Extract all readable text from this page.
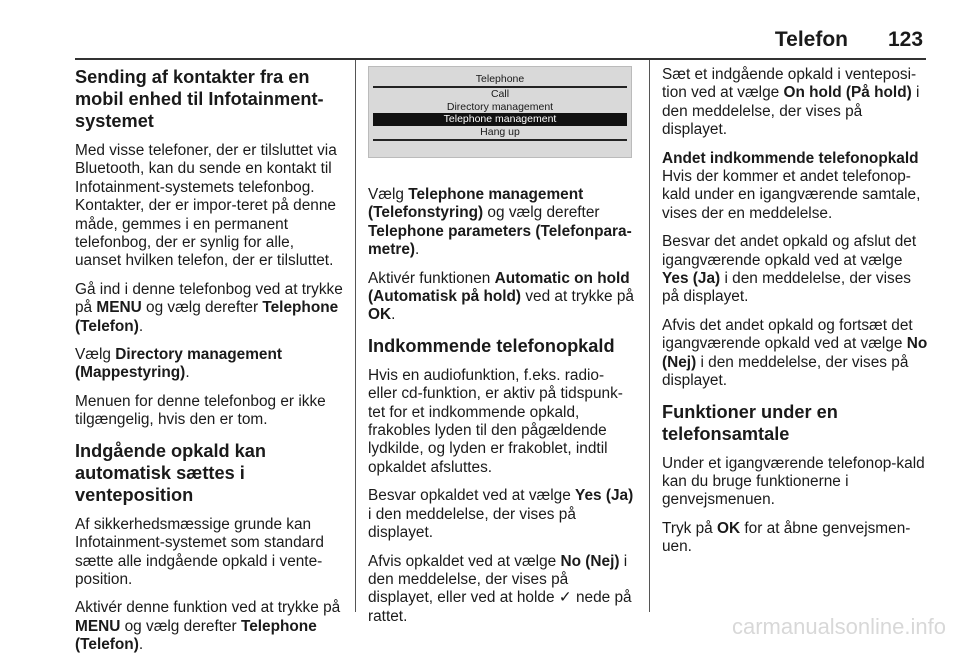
Telefon 123
Sending af kontakter fra en mobil enhed til Infotainment-systemet

Med visse telefoner, der er tilsluttet via Bluetooth, kan du sende en kontakt til Infotainment-systemets telefonbog. Kontakter, der er impor-teret på denne måde, gemmes i en permanent telefonbog, der er synlig for alle, uanset hvilken telefon, der er tilsluttet.

Gå ind i denne telefonbog ved at trykke på MENU og vælg derefter Telephone (Telefon).

Vælg Directory management (Mappestyring).

Menuen for denne telefonbog er ikke tilgængelig, hvis den er tom.

Indgående opkald kan automatisk sættes i venteposition

Af sikkerhedsmæssige grunde kan Infotainment-systemet som standard sætte alle indgående opkald i vente-position.

Aktivér denne funktion ved at trykke på MENU og vælg derefter Telephone (Telefon).

Telephone
Call
Directory management
Telephone management
Hang up

Vælg Telephone management (Telefonstyring) og vælg derefter Telephone parameters (Telefonpara-metre).

Aktivér funktionen Automatic on hold (Automatisk på hold) ved at trykke på OK.

Indkommende telefonopkald

Hvis en audiofunktion, f.eks. radio- eller cd-funktion, er aktiv på tidspunk-tet for et indkommende opkald, frakobles lyden til den pågældende lydkilde, og lyden er frakoblet, indtil opkaldet afsluttes.

Besvar opkaldet ved at vælge Yes (Ja) i den meddelelse, der vises på displayet.

Afvis opkaldet ved at vælge No (Nej) i den meddelelse, der vises på displayet, eller ved at holde ✓ nede på rattet.

Sæt et indgående opkald i venteposi-tion ved at vælge On hold (På hold) i den meddelelse, der vises på displayet.

Andet indkommende telefonopkald

Hvis der kommer et andet telefonop-kald under en igangværende samtale, vises der en meddelelse.

Besvar det andet opkald og afslut det igangværende opkald ved at vælge Yes (Ja) i den meddelelse, der vises på displayet.

Afvis det andet opkald og fortsæt det igangværende opkald ved at vælge No (Nej) i den meddelelse, der vises på displayet.

Funktioner under en telefonsamtale

Under et igangværende telefonop-kald kan du bruge funktionerne i genvejsmenuen.

Tryk på OK for at åbne genvejsmen-uen.

carmanualsonline.info
